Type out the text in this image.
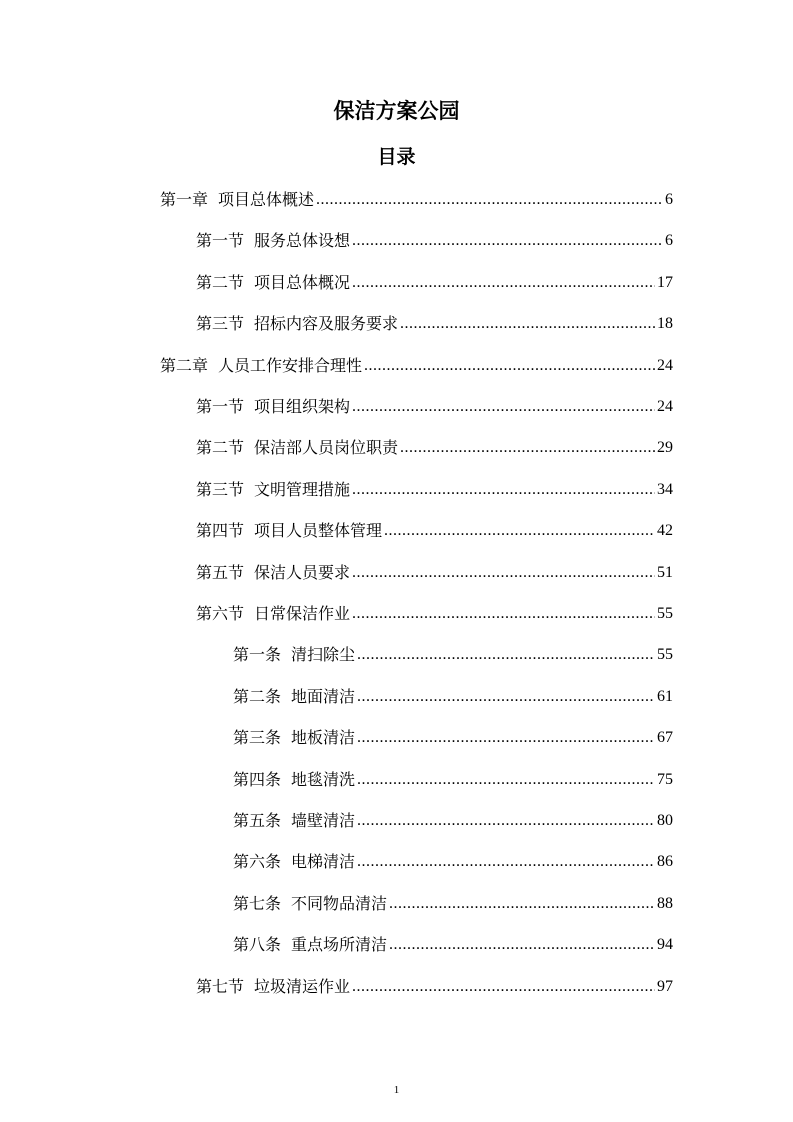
保洁方案公园
目录
第一章 项目总体概述 .....	6
第一节 服务总体设想 .....	6
第二节 项目总体概况 .....	17
第三节 招标内容及服务要求 .....	18
第二章 人员工作安排合理性 .....	24
第一节 项目组织架构 .....	24
第二节 保洁部人员岗位职责 .....	29
第三节 文明管理措施 .....	34
第四节 项目人员整体管理 .....	42
第五节 保洁人员要求 .....	51
第六节 日常保洁作业 .....	55
第一条 清扫除尘 .....	55
第二条 地面清洁 .....	61
第三条 地板清洁 .....	67
第四条 地毯清洗 .....	75
第五条 墙壁清洁 .....	80
第六条 电梯清洁 .....	86
第七条 不同物品清洁 .....	88
第八条 重点场所清洁 .....	94
第七节 垃圾清运作业 .....	97
1
